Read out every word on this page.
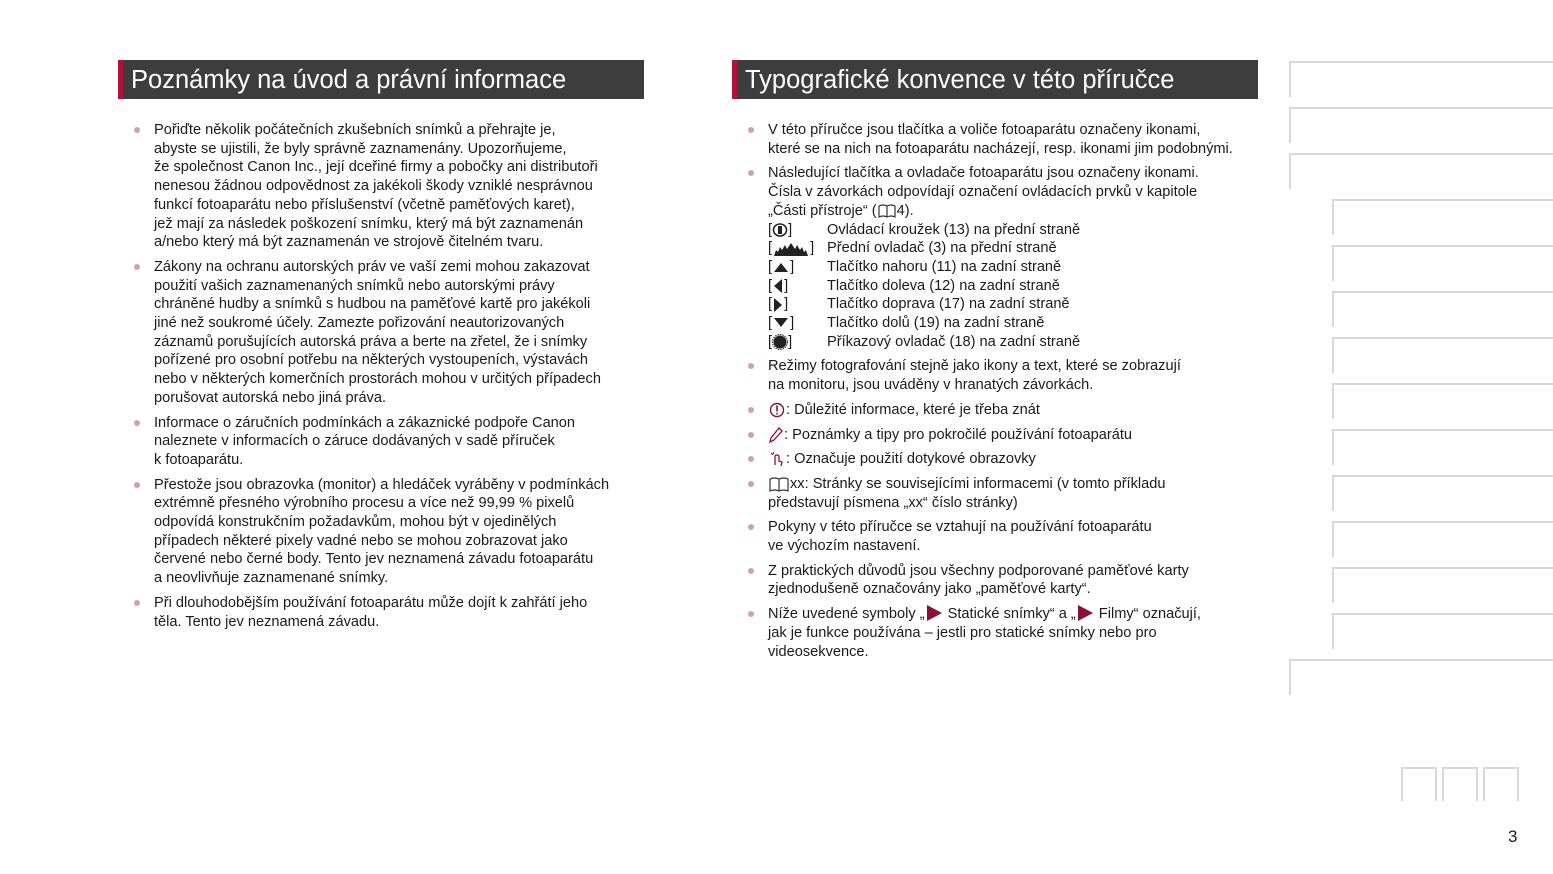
Poznámky na úvod a právní informace
Pořiďte několik počátečních zkušebních snímků a přehrajte je,
abyste se ujistili, že byly správně zaznamenány. Upozorňujeme,
že společnost Canon Inc., její dceřiné firmy a pobočky ani distributoři
nenesou žádnou odpovědnost za jakékoli škody vzniklé nesprávnou
funkcí fotoaparátu nebo příslušenství (včetně paměťových karet),
jež mají za následek poškození snímku, který má být zaznamenán
a/nebo který má být zaznamenán ve strojově čitelném tvaru.
Zákony na ochranu autorských práv ve vaší zemi mohou zakazovat
použití vašich zaznamenaných snímků nebo autorskými právy
chráněné hudby a snímků s hudbou na paměťové kartě pro jakékoli
jiné než soukromé účely. Zamezte pořizování neautorizovaných
záznamů porušujících autorská práva a berte na zřetel, že i snímky
pořízené pro osobní potřebu na některých vystoupeních, výstavách
nebo v některých komerčních prostorách mohou v určitých případech
porušovat autorská nebo jiná práva.
Informace o záručních podmínkách a zákaznické podpoře Canon
naleznete v informacích o záruce dodávaných v sadě příruček
k fotoaparátu.
Přestože jsou obrazovka (monitor) a hledáček vyráběny v podmínkách
extrémně přesného výrobního procesu a více než 99,99 % pixelů
odpovídá konstrukčním požadavkům, mohou být v ojedinělých
případech některé pixely vadné nebo se mohou zobrazovat jako
červené nebo černé body. Tento jev neznamená závadu fotoaparátu
a neovlivňuje zaznamenané snímky.
Při dlouhodobějším používání fotoaparátu může dojít k zahřátí jeho
těla. Tento jev neznamená závadu.
Typografické konvence v této příručce
V této příručce jsou tlačítka a voliče fotoaparátu označeny ikonami,
které se na nich na fotoaparátu nacházejí, resp. ikonami jim podobnými.
Následující tlačítka a ovladače fotoaparátu jsou označeny ikonami.
Čísla v závorkách odpovídají označení ovládacích prvků v kapitole
„Části přístroje“ ( 4).
[ ]	Ovládací kroužek (13) na přední straně
[	] Přední ovladač (3) na přední straně
[ ]	Tlačítko nahoru (11) na zadní straně
[ ]	Tlačítko doleva (12) na zadní straně
[ ]	Tlačítko doprava (17) na zadní straně
[ ]	Tlačítko dolů (19) na zadní straně
[ ]	Příkazový ovladač (18) na zadní straně
Režimy fotografování stejně jako ikony a text, které se zobrazují
na monitoru, jsou uváděny v hranatých závorkách.
: Důležité informace, které je třeba znát
: Poznámky a tipy pro pokročilé používání fotoaparátu
: Označuje použití dotykové obrazovky
xx: Stránky se souvisejícími informacemi (v tomto příkladu
představují písmena „xx“ číslo stránky)
Pokyny v této příručce se vztahují na používání fotoaparátu
ve výchozím nastavení.
Z praktických důvodů jsou všechny podporované paměťové karty
zjednodušeně označovány jako „paměťové karty“.
Níže uvedené symboly „ Statické snímky“ a „ Filmy“ označují,
jak je funkce používána – jestli pro statické snímky nebo pro
videosekvence.
3
